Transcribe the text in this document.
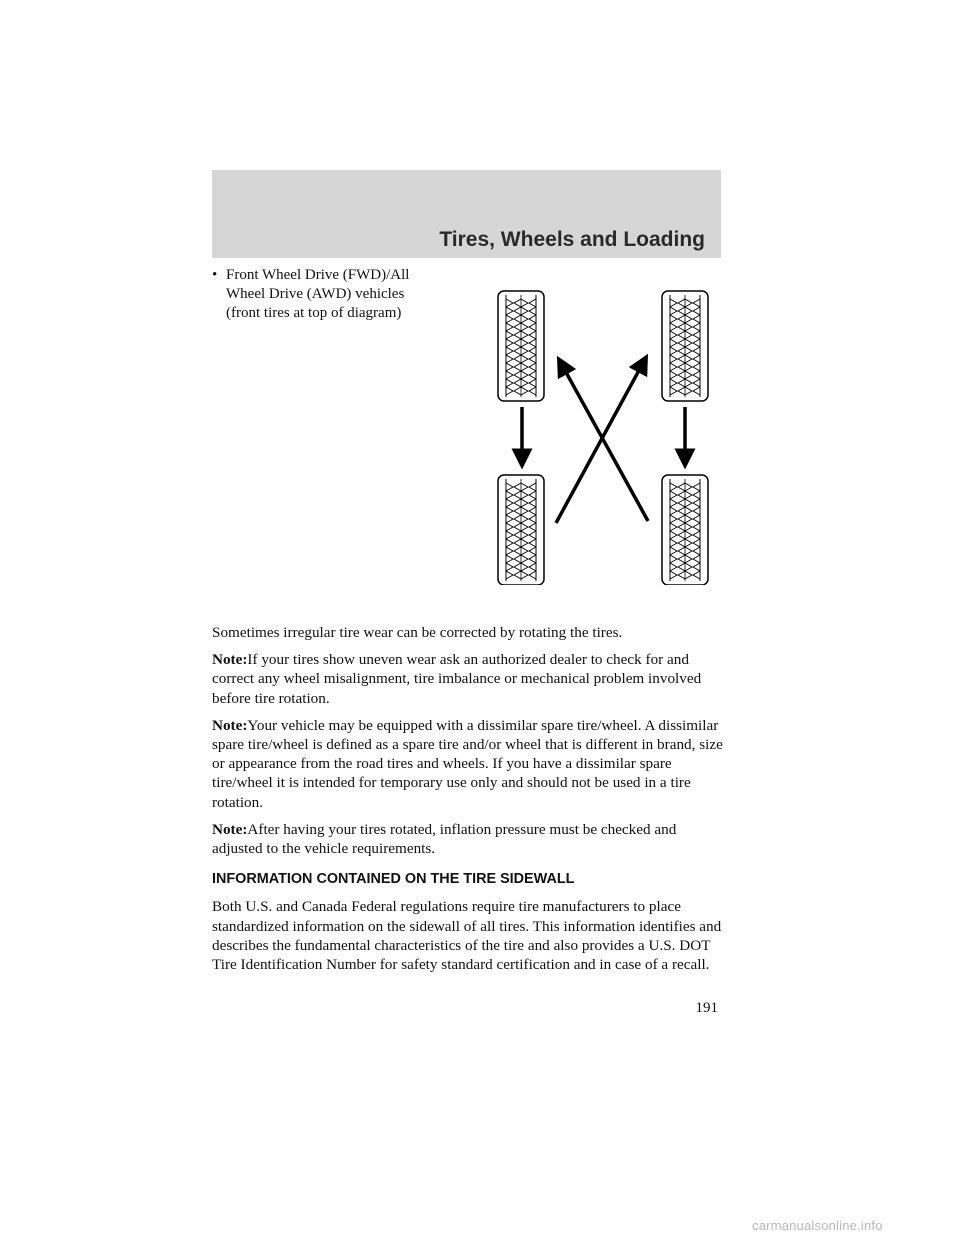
Tires, Wheels and Loading
• Front Wheel Drive (FWD)/All
Wheel Drive (AWD) vehicles
(front tires at top of diagram)

Sometimes irregular tire wear can be corrected by rotating the tires.

Note:If your tires show uneven wear ask an authorized dealer to check for and correct any wheel misalignment, tire imbalance or mechanical problem involved before tire rotation.

Note:Your vehicle may be equipped with a dissimilar spare tire/wheel. A dissimilar spare tire/wheel is defined as a spare tire and/or wheel that is different in brand, size or appearance from the road tires and wheels. If you have a dissimilar spare tire/wheel it is intended for temporary use only and should not be used in a tire rotation.

Note:After having your tires rotated, inflation pressure must be checked and adjusted to the vehicle requirements.

INFORMATION CONTAINED ON THE TIRE SIDEWALL

Both U.S. and Canada Federal regulations require tire manufacturers to place standardized information on the sidewall of all tires. This information identifies and describes the fundamental characteristics of the tire and also provides a U.S. DOT Tire Identification Number for safety standard certification and in case of a recall.

191
carmanualsonline.info
